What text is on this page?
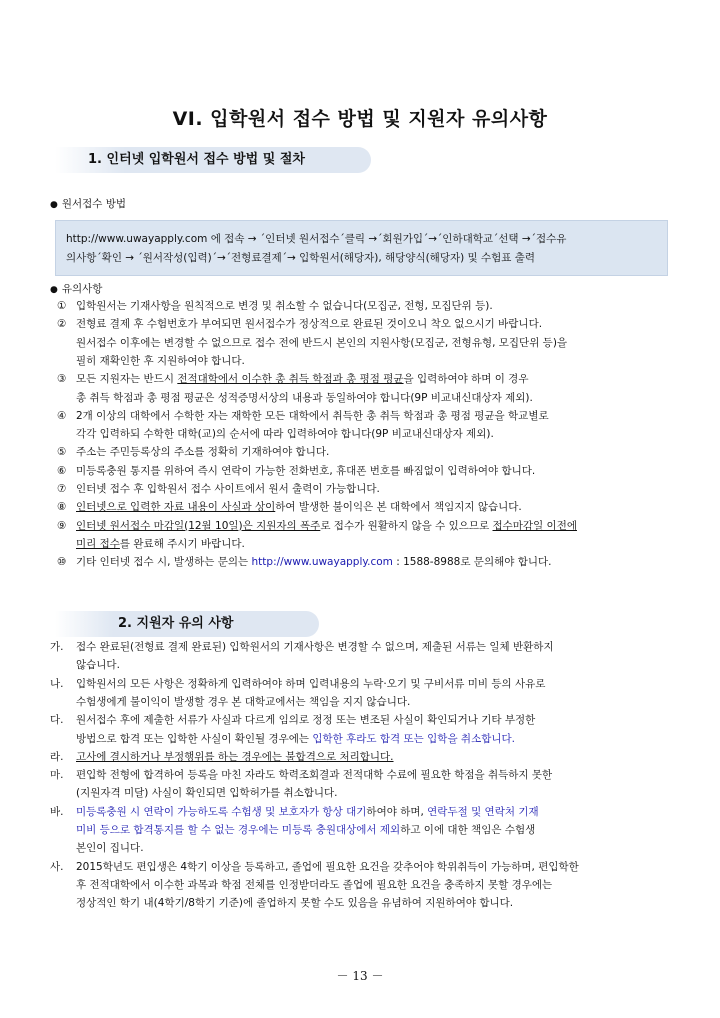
VI. 입학원서 접수 방법 및 지원자 유의사항
1. 인터넷 입학원서 접수 방법 및 절차
● 원서접수 방법

http://www.uwayapply.com 에 접속 → ´인터넷 원서접수´클릭 →´회원가입´→´인하대학교´선택 →´접수유

의사항´확인 → ´원서작성(입력)´→´전형료결제´→ 입학원서(해당자), 해당양식(해당자) 및 수험표 출력

● 유의사항

① 입학원서는 기재사항을 원칙적으로 변경 및 취소할 수 없습니다(모집군, 전형, 모집단위 등).

② 전형료 결제 후 수험번호가 부여되면 원서접수가 정상적으로 완료된 것이오니 착오 없으시기 바랍니다.

원서접수 이후에는 변경할 수 없으므로 접수 전에 반드시 본인의 지원사항(모집군, 전형유형, 모집단위 등)을

필히 재확인한 후 지원하여야 합니다.

③ 모든 지원자는 반드시 전적대학에서 이수한 총 취득 학점과 총 평점 평균을 입력하여야 하며 이 경우

총 취득 학점과 총 평점 평균은 성적증명서상의 내용과 동일하여야 합니다(9P 비교내신대상자 제외).

④ 2개 이상의 대학에서 수학한 자는 재학한 모든 대학에서 취득한 총 취득 학점과 총 평점 평균을 학교별로

각각 입력하되 수학한 대학(교)의 순서에 따라 입력하여야 합니다(9P 비교내신대상자 제외).

⑤ 주소는 주민등록상의 주소를 정확히 기재하여야 합니다.

⑥ 미등록충원 통지를 위하여 즉시 연락이 가능한 전화번호, 휴대폰 번호를 빠짐없이 입력하여야 합니다.

⑦ 인터넷 접수 후 입학원서 접수 사이트에서 원서 출력이 가능합니다.

⑧ 인터넷으로 입력한 자료 내용이 사실과 상이하여 발생한 불이익은 본 대학에서 책임지지 않습니다.

⑨ 인터넷 원서접수 마감일(12월 10일)은 지원자의 폭주로 접수가 원활하지 않을 수 있으므로 접수마감일 이전에

미리 접수를 완료해 주시기 바랍니다.

⑩ 기타 인터넷 접수 시, 발생하는 문의는 http://www.uwayapply.com : 1588-8988로 문의해야 합니다.

2. 지원자 유의 사항

가. 접수 완료된(전형료 결제 완료된) 입학원서의 기재사항은 변경할 수 없으며, 제출된 서류는 일체 반환하지

않습니다.

나. 입학원서의 모든 사항은 정확하게 입력하여야 하며 입력내용의 누락·오기 및 구비서류 미비 등의 사유로

수험생에게 불이익이 발생할 경우 본 대학교에서는 책임을 지지 않습니다.

다. 원서접수 후에 제출한 서류가 사실과 다르게 임의로 정정 또는 변조된 사실이 확인되거나 기타 부정한

방법으로 합격 또는 입학한 사실이 확인될 경우에는 입학한 후라도 합격 또는 입학을 취소합니다.

라. 고사에 결시하거나 부정행위를 하는 경우에는 불합격으로 처리합니다.

마. 편입학 전형에 합격하여 등록을 마친 자라도 학력조회결과 전적대학 수료에 필요한 학점을 취득하지 못한

(지원자격 미달) 사실이 확인되면 입학허가를 취소합니다.

바. 미등록충원 시 연락이 가능하도록 수험생 및 보호자가 항상 대기하여야 하며, 연락두절 및 연락처 기재

미비 등으로 합격통지를 할 수 없는 경우에는 미등록 충원대상에서 제외하고 이에 대한 책임은 수험생

본인이 집니다.

사. 2015학년도 편입생은 4학기 이상을 등록하고, 졸업에 필요한 요건을 갖추어야 학위취득이 가능하며, 편입학한

후 전적대학에서 이수한 과목과 학점 전체를 인정받더라도 졸업에 필요한 요건을 충족하지 못할 경우에는

정상적인 학기 내(4학기/8학기 기준)에 졸업하지 못할 수도 있음을 유념하여 지원하여야 합니다.

－ 13 －
